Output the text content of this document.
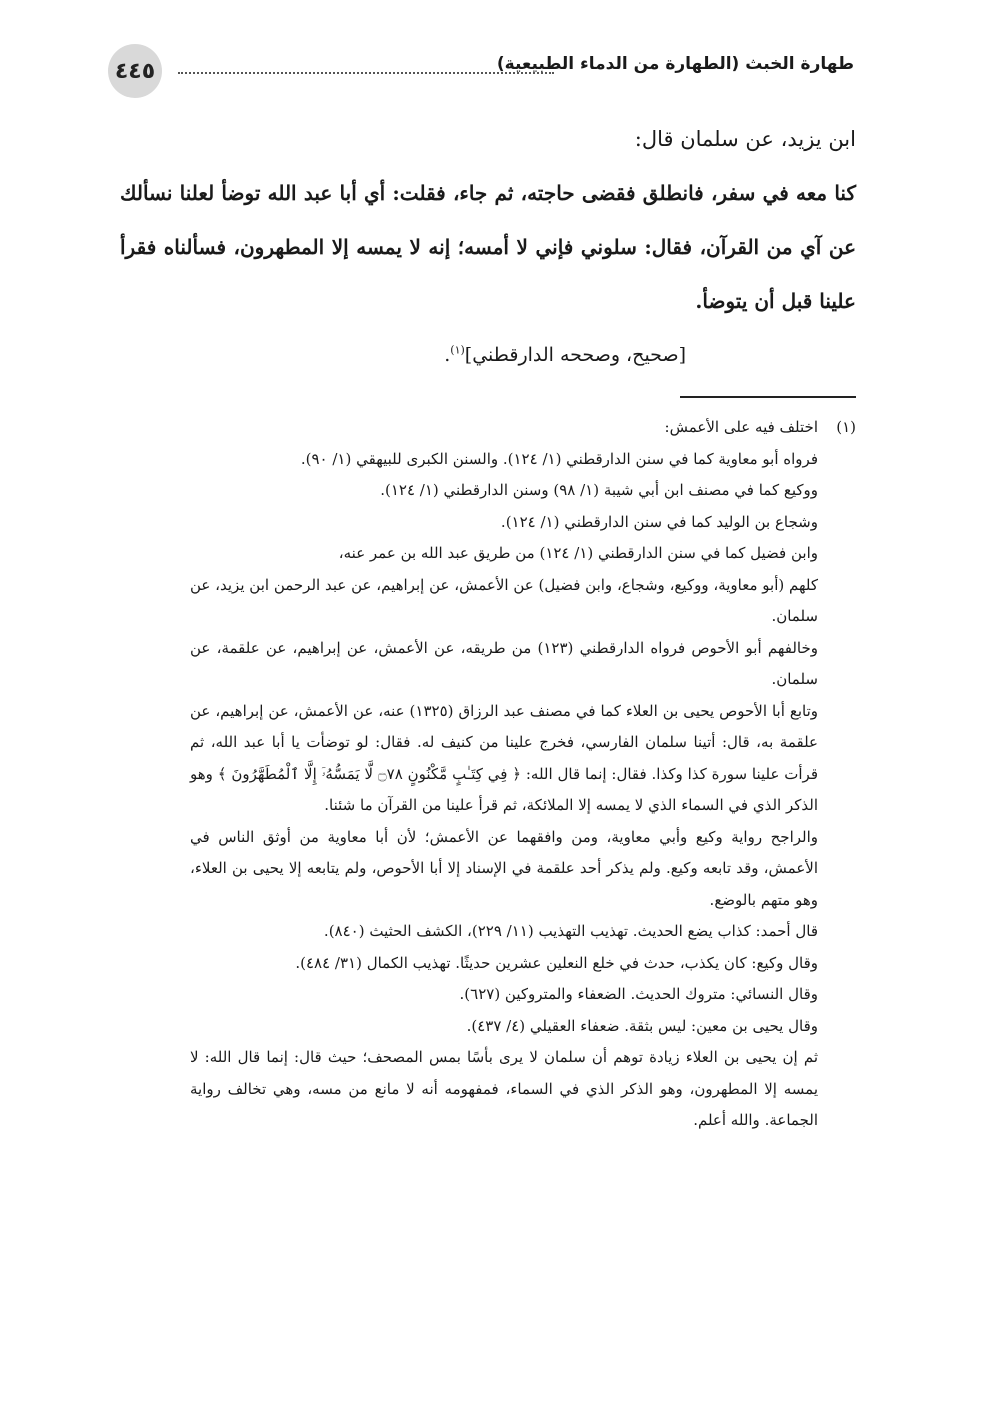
٤٤٥	طهارة الخبث (الطهارة من الدماء الطبيعية)

ابن يزيد، عن سلمان قال:

كنا معه في سفر، فانطلق فقضى حاجته، ثم جاء، فقلت: أي أبا عبد الله توضأ لعلنا نسألك عن آي من القرآن، فقال: سلوني فإني لا أمسه؛ إنه لا يمسه إلا المطهرون، فسألناه فقرأ علينا قبل أن يتوضأ.

[صحيح، وصححه الدارقطني]$^{(١)}$.

(١)اختلف فيه على الأعمش:

فرواه أبو معاوية كما في سنن الدارقطني (١/ ١٢٤). والسنن الكبرى للبيهقي (١/ ٩٠).

ووكيع كما في مصنف ابن أبي شيبة (١/ ٩٨) وسنن الدارقطني (١/ ١٢٤).

وشجاع بن الوليد كما في سنن الدارقطني (١/ ١٢٤).

وابن فضيل كما في سنن الدارقطني (١/ ١٢٤) من طريق عبد الله بن عمر عنه،

كلهم (أبو معاوية، ووكيع، وشجاع، وابن فضيل) عن الأعمش، عن إبراهيم، عن عبد الرحمن ابن يزيد، عن سلمان.

وخالفهم أبو الأحوص فرواه الدارقطني (١٢٣) من طريقه، عن الأعمش، عن إبراهيم، عن علقمة، عن سلمان.

وتابع أبا الأحوص يحيى بن العلاء كما في مصنف عبد الرزاق (١٣٢٥) عنه، عن الأعمش، عن إبراهيم، عن علقمة به، قال: أتينا سلمان الفارسي، فخرج علينا من كنيف له. فقال: لو توضأت يا أبا عبد الله، ثم قرأت علينا سورة كذا وكذا. فقال: إنما قال الله: ﴿ فِي كِتَـٰبٍ مَّكْنُونٍ ۝٧٨ لَّا يَمَسُّهُۥٓ إِلَّا ٱلْمُطَهَّرُونَ ﴾ وهو الذكر الذي في السماء الذي لا يمسه إلا الملائكة، ثم قرأ علينا من القرآن ما شئنا.

والراجح رواية وكيع وأبي معاوية، ومن وافقهما عن الأعمش؛ لأن أبا معاوية من أوثق الناس في الأعمش، وقد تابعه وكيع. ولم يذكر أحد علقمة في الإسناد إلا أبا الأحوص، ولم يتابعه إلا يحيى بن العلاء، وهو متهم بالوضع.

قال أحمد: كذاب يضع الحديث. تهذيب التهذيب (١١/ ٢٢٩)، الكشف الحثيث (٨٤٠).

وقال وكيع: كان يكذب، حدث في خلع النعلين عشرين حديثًا. تهذيب الكمال (٣١/ ٤٨٤).

وقال النسائي: متروك الحديث. الضعفاء والمتروكين (٦٢٧).

وقال يحيى بن معين: ليس بثقة. ضعفاء العقيلي (٤/ ٤٣٧).

ثم إن يحيى بن العلاء زيادة توهم أن سلمان لا يرى بأسًا بمس المصحف؛ حيث قال: إنما قال الله: لا يمسه إلا المطهرون، وهو الذكر الذي في السماء، فمفهومه أنه لا مانع من مسه، وهي تخالف رواية الجماعة. والله أعلم.
